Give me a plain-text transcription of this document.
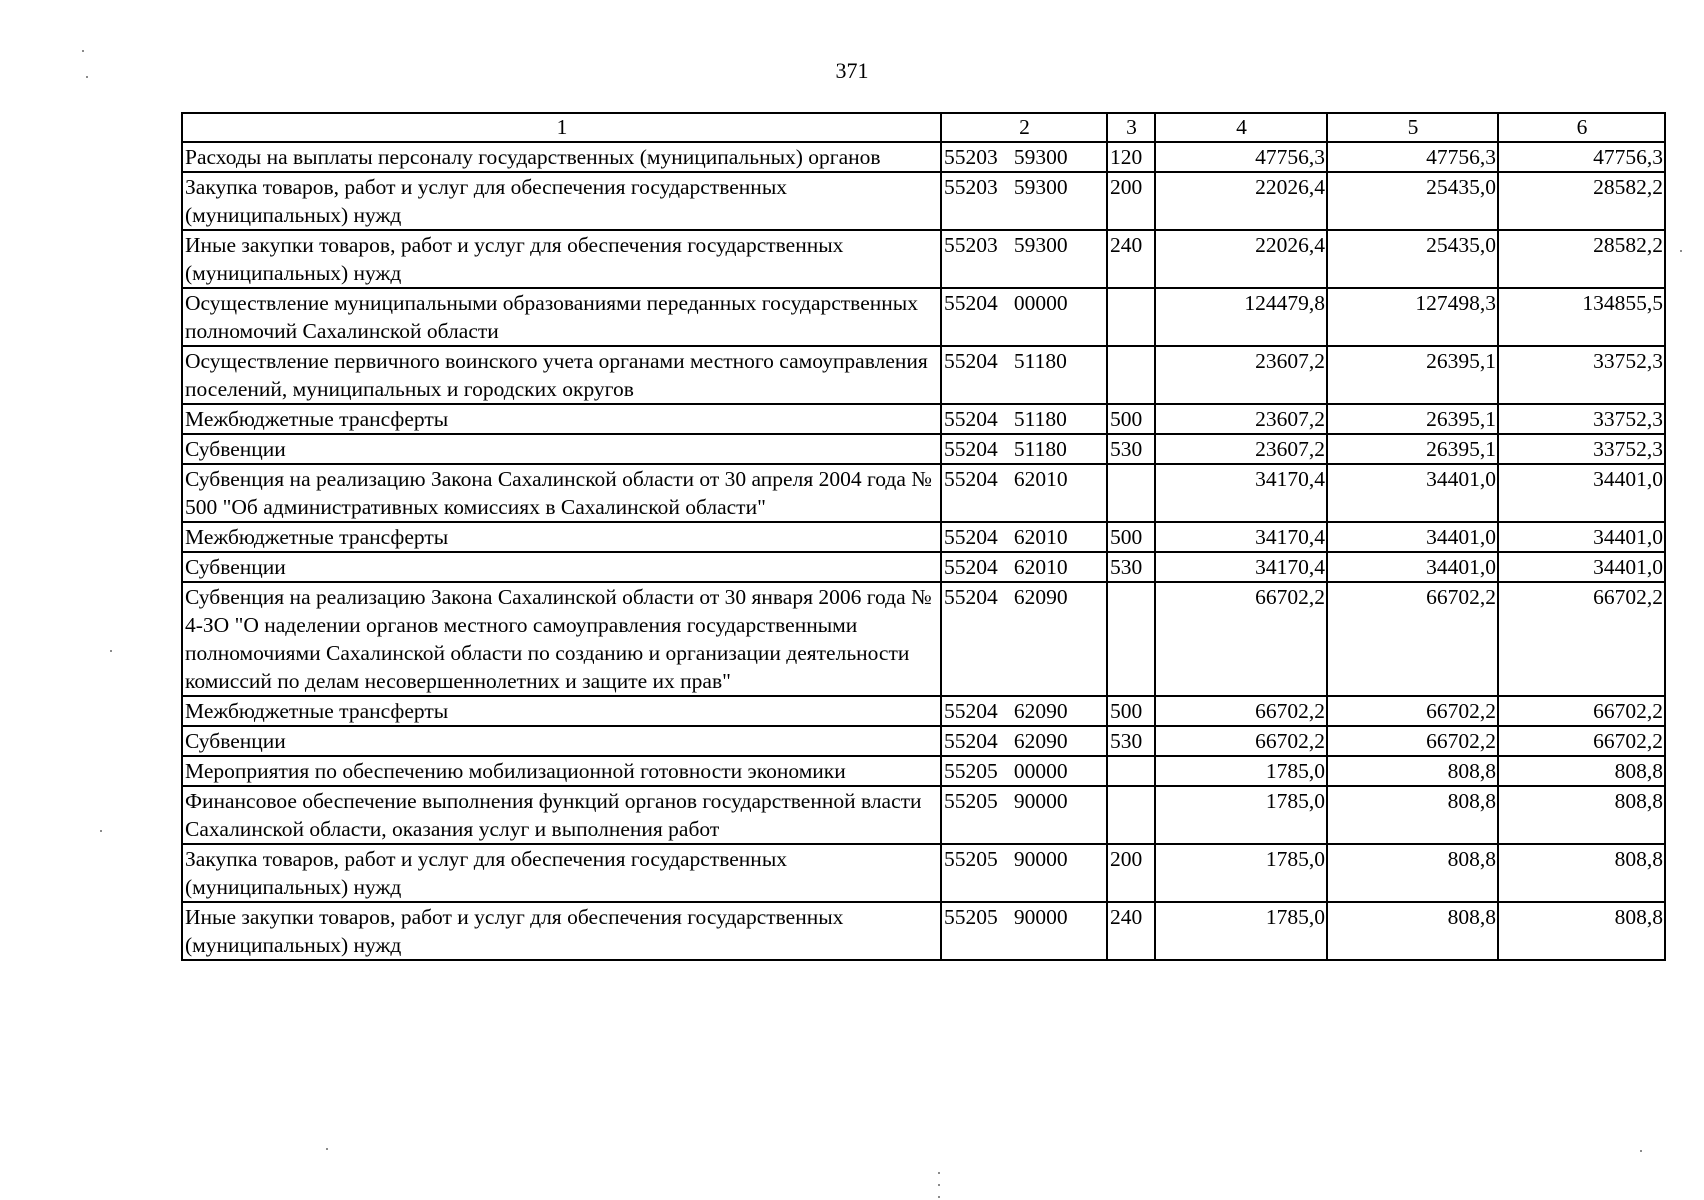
371
1	2	3	4	5	6
Расходы на выплаты персоналу государственных (муниципальных) органов	55203   59300	120	47756,3	47756,3	47756,3
Закупка товаров, работ и услуг для обеспечения государственных (муниципальных) нужд	55203   59300	200	22026,4	25435,0	28582,2
Иные закупки товаров, работ и услуг для обеспечения государственных (муниципальных) нужд	55203   59300	240	22026,4	25435,0	28582,2
Осуществление муниципальными образованиями переданных государственных полномочий Сахалинской области	55204   00000		124479,8	127498,3	134855,5
Осуществление первичного воинского учета органами местного самоуправления поселений, муниципальных и городских округов	55204   51180		23607,2	26395,1	33752,3
Межбюджетные трансферты	55204   51180	500	23607,2	26395,1	33752,3
Субвенции	55204   51180	530	23607,2	26395,1	33752,3
Субвенция на реализацию Закона Сахалинской области от 30 апреля 2004 года № 500 "Об административных комиссиях в Сахалинской области"	55204   62010		34170,4	34401,0	34401,0
Межбюджетные трансферты	55204   62010	500	34170,4	34401,0	34401,0
Субвенции	55204   62010	530	34170,4	34401,0	34401,0
Субвенция на реализацию Закона Сахалинской области от 30 января 2006 года № 4-ЗО "О наделении органов местного самоуправления государственными полномочиями Сахалинской области по созданию и организации деятельности комиссий по делам несовершеннолетних и защите их прав"	55204   62090		66702,2	66702,2	66702,2
Межбюджетные трансферты	55204   62090	500	66702,2	66702,2	66702,2
Субвенции	55204   62090	530	66702,2	66702,2	66702,2
Мероприятия по обеспечению мобилизационной готовности экономики	55205   00000		1785,0	808,8	808,8
Финансовое обеспечение выполнения функций органов государственной власти Сахалинской области, оказания услуг и выполнения работ	55205   90000		1785,0	808,8	808,8
Закупка товаров, работ и услуг для обеспечения государственных (муниципальных) нужд	55205   90000	200	1785,0	808,8	808,8
Иные закупки товаров, работ и услуг для обеспечения государственных (муниципальных) нужд	55205   90000	240	1785,0	808,8	808,8
